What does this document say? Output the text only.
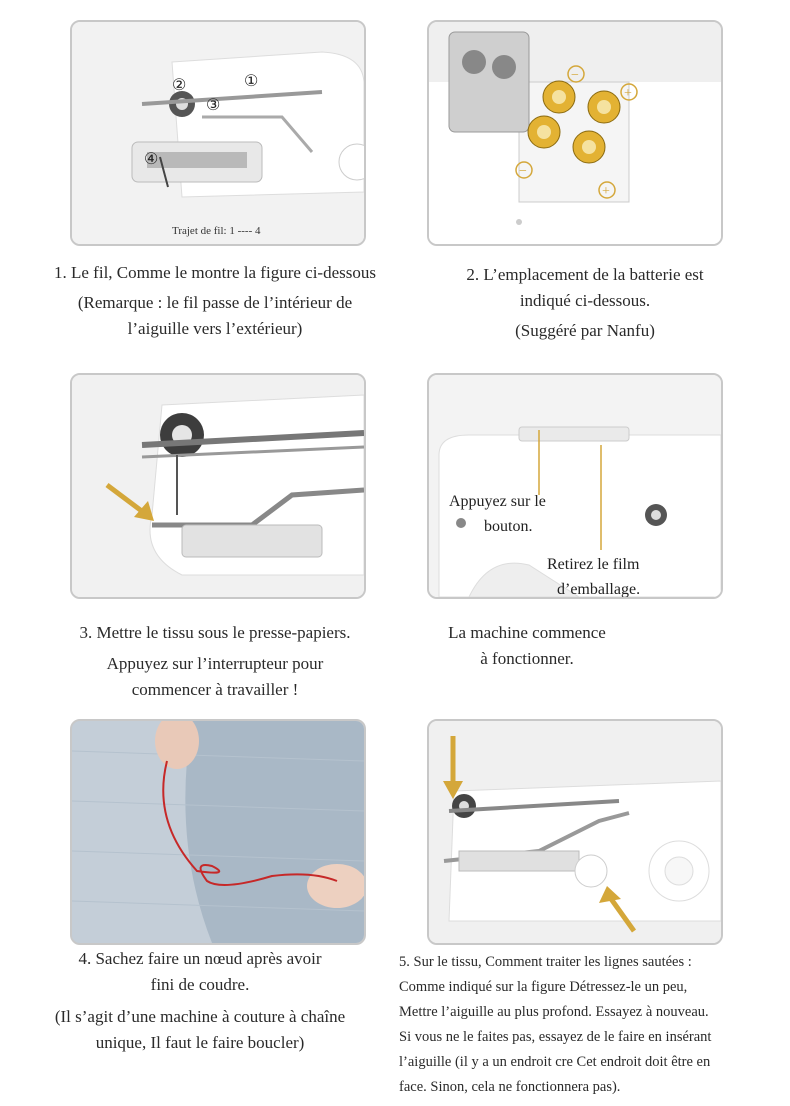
①
②
③
④
Trajet de fil: 1 ---- 4
−
+
−
+
1. Le fil, Comme le montre la figure ci-dessous
(Remarque : le fil passe de l’intérieur de
l’aiguille vers l’extérieur)
2. L’emplacement de la batterie est
indiqué ci-dessous.
(Suggéré par Nanfu)
Appuyez sur le
bouton.
Retirez le film
d’emballage.
3. Mettre le tissu sous le presse-papiers.
Appuyez sur l’interrupteur pour
commencer à travailler !
La machine commence
à fonctionner.
4. Sachez faire un nœud après avoir
fini de coudre.
(Il s’agit d’une machine à couture à chaîne
unique, Il faut le faire boucler)
5. Sur le tissu, Comment traiter les lignes sautées :
Comme indiqué sur la figure Détressez-le un peu,
Mettre l’aiguille au plus profond. Essayez à nouveau.
Si vous ne le faites pas, essayez de le faire en insérant
l’aiguille (il y a un endroit cre Cet endroit doit être en
face. Sinon, cela ne fonctionnera pas).
